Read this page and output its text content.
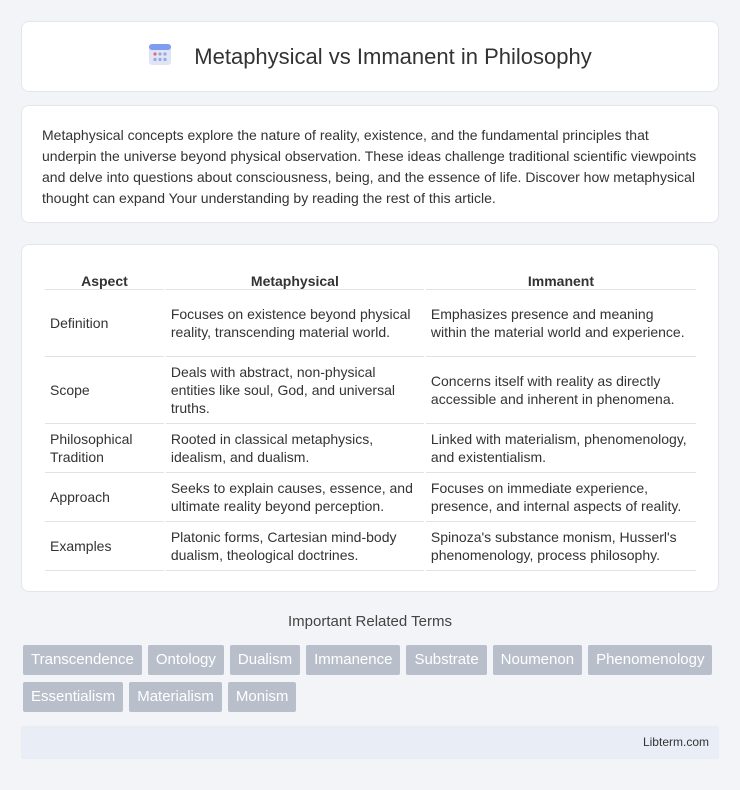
Metaphysical vs Immanent in Philosophy

Metaphysical concepts explore the nature of reality, existence, and the fundamental principles that underpin the universe beyond physical observation. These ideas challenge traditional scientific viewpoints and delve into questions about consciousness, being, and the essence of life. Discover how metaphysical thought can expand Your understanding by reading the rest of this article.

Aspect	Metaphysical	Immanent
Definition	Focuses on existence beyond physical reality, transcending material world.	Emphasizes presence and meaning within the material world and experience.
Scope	Deals with abstract, non-physical entities like soul, God, and universal truths.	Concerns itself with reality as directly accessible and inherent in phenomena.
Philosophical Tradition	Rooted in classical metaphysics, idealism, and dualism.	Linked with materialism, phenomenology, and existentialism.
Approach	Seeks to explain causes, essence, and ultimate reality beyond perception.	Focuses on immediate experience, presence, and internal aspects of reality.
Examples	Platonic forms, Cartesian mind-body dualism, theological doctrines.	Spinoza's substance monism, Husserl's phenomenology, process philosophy.
Important Related Terms
Transcendence	Ontology	Dualism	Immanence	Substrate	Noumenon	Phenomenology
Essentialism	Materialism	Monism
Libterm.com
